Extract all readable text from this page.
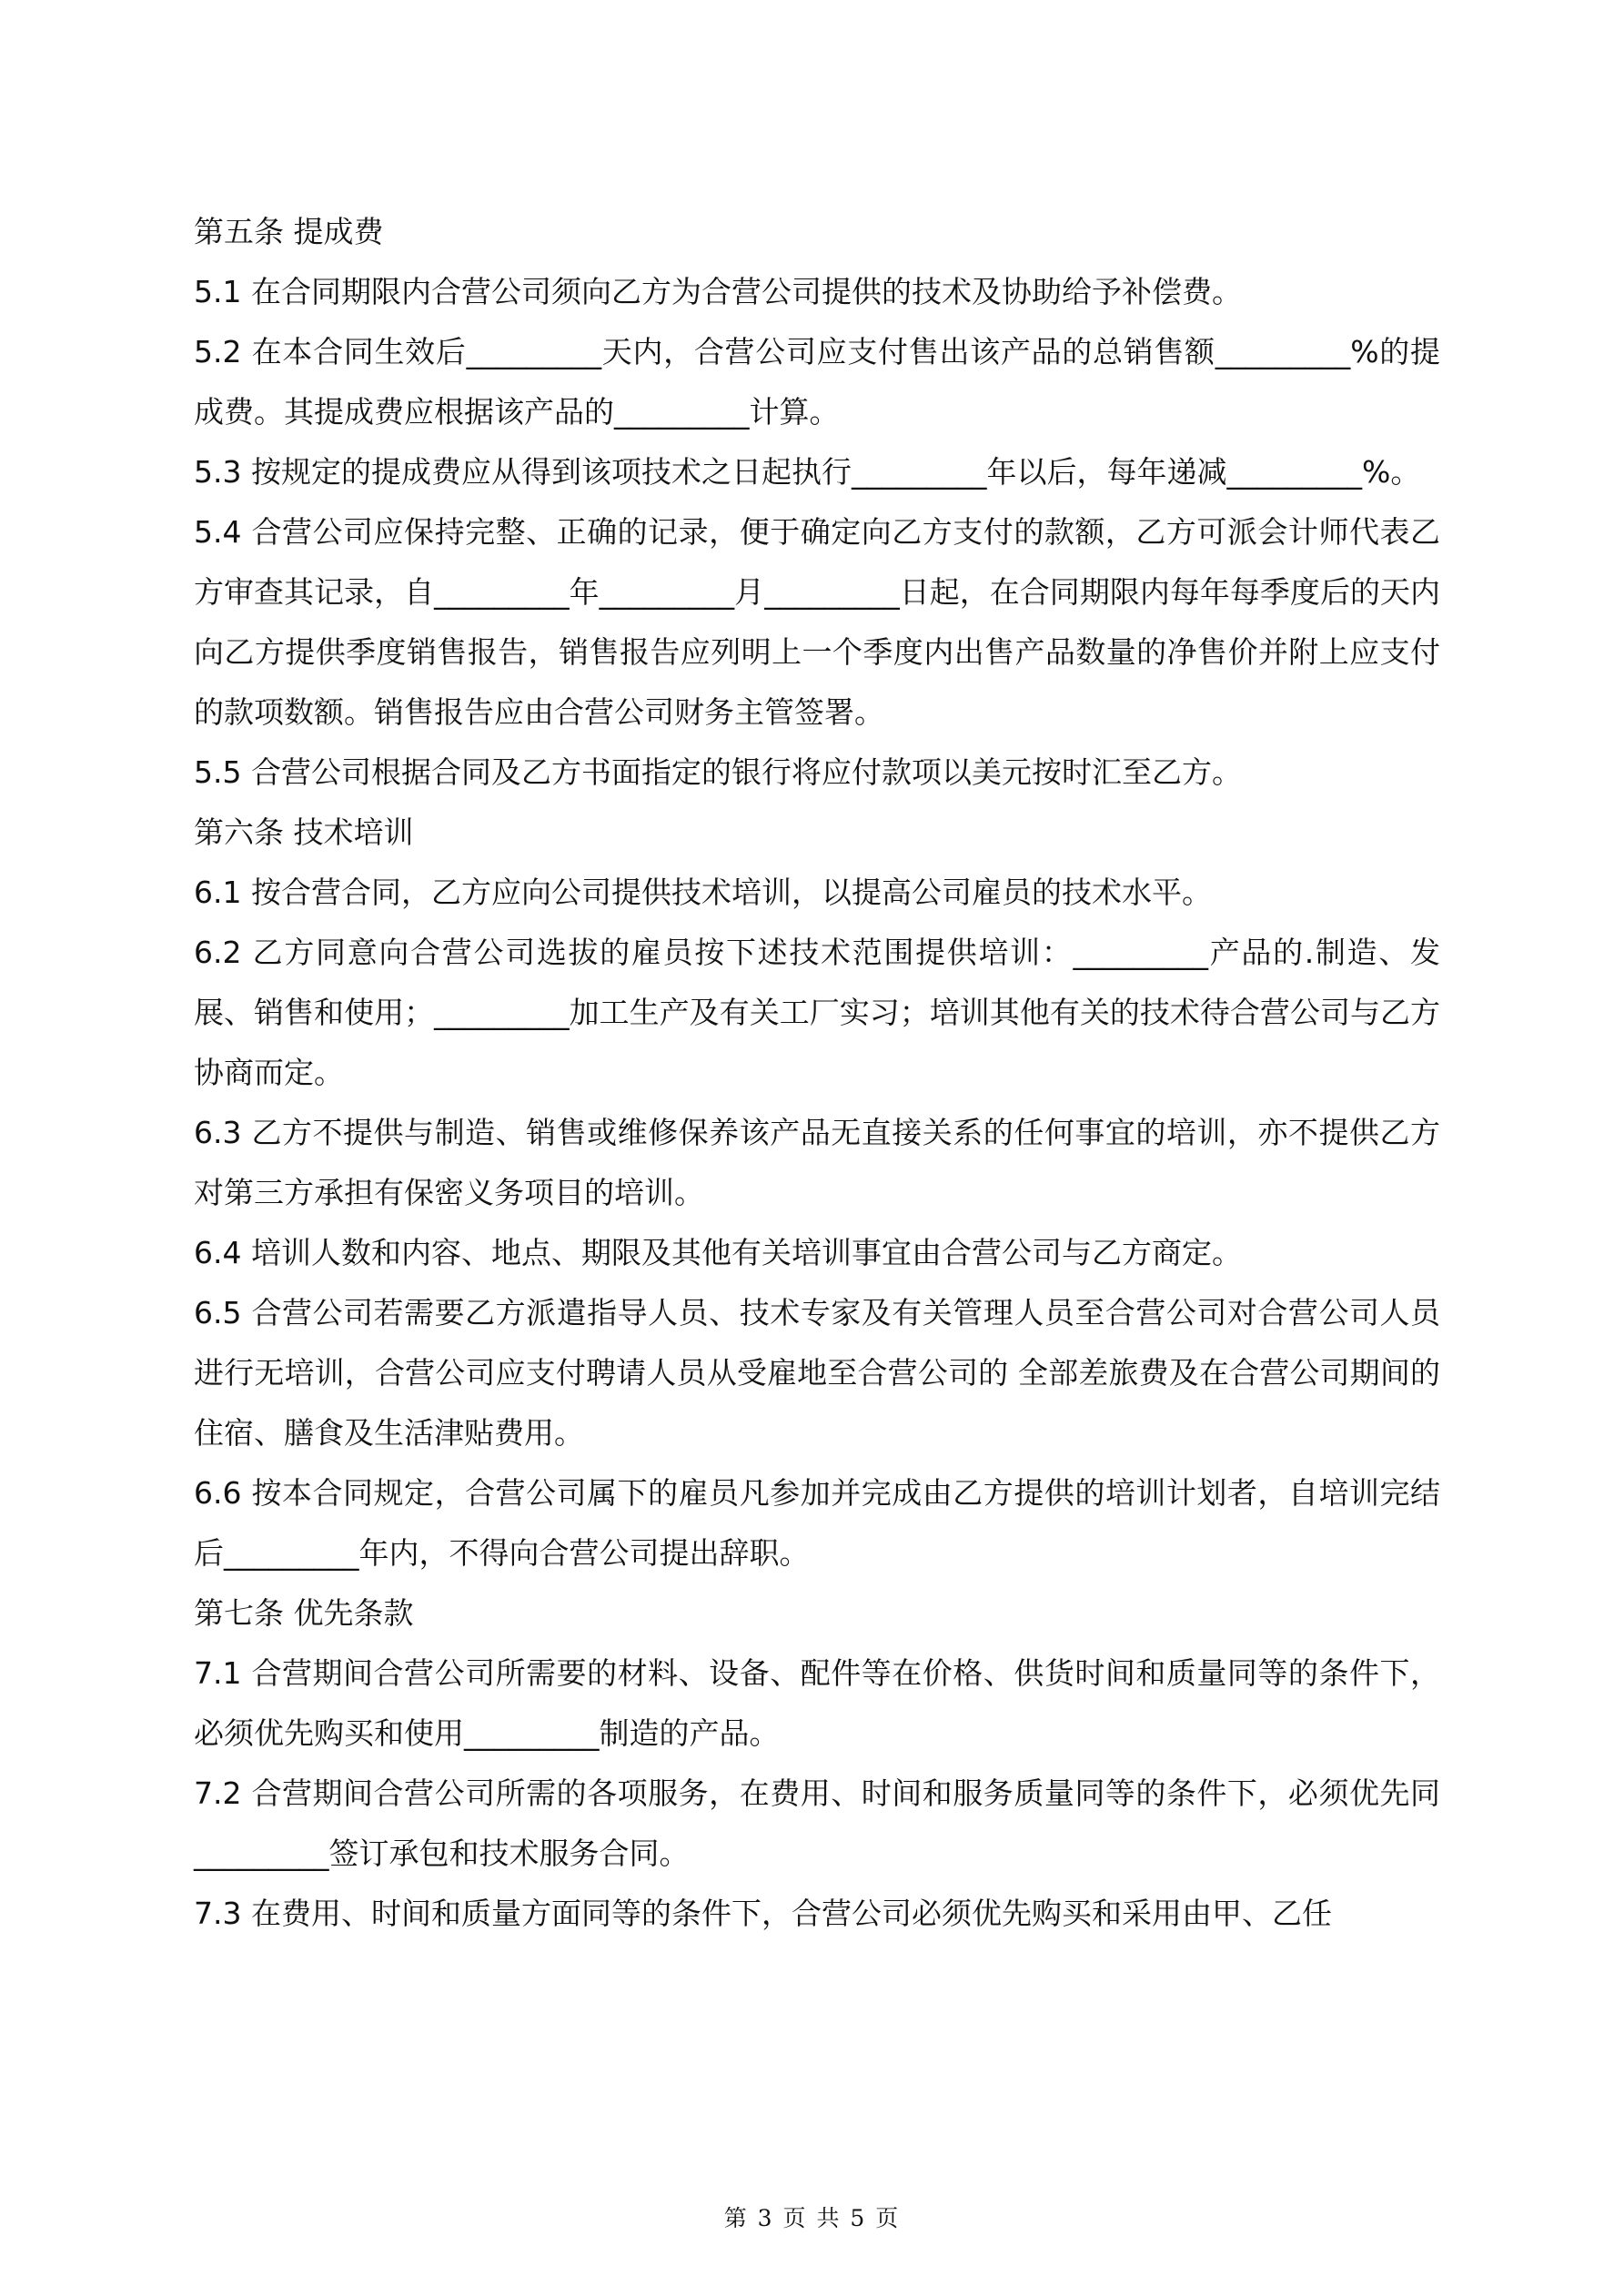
第五条 提成费

5.1 在合同期限内合营公司须向乙方为合营公司提供的技术及协助给予补偿费。

5.2 在本合同生效后_________天内，合营公司应支付售出该产品的总销售额_________%的提成费。其提成费应根据该产品的_________计算。

5.3 按规定的提成费应从得到该项技术之日起执行_________年以后，每年递减_________%。

5.4 合营公司应保持完整、正确的记录，便于确定向乙方支付的款额，乙方可派会计师代表乙方审查其记录，自_________年_________月_________日起，在合同期限内每年每季度后的天内向乙方提供季度销售报告，销售报告应列明上一个季度内出售产品数量的净售价并附上应支付的款项数额。销售报告应由合营公司财务主管签署。

5.5 合营公司根据合同及乙方书面指定的银行将应付款项以美元按时汇至乙方。

第六条 技术培训

6.1 按合营合同，乙方应向公司提供技术培训，以提高公司雇员的技术水平。

6.2 乙方同意向合营公司选拔的雇员按下述技术范围提供培训：_________产品的.制造、发展、销售和使用；_________加工生产及有关工厂实习；培训其他有关的技术待合营公司与乙方协商而定。

6.3 乙方不提供与制造、销售或维修保养该产品无直接关系的任何事宜的培训，亦不提供乙方对第三方承担有保密义务项目的培训。

6.4 培训人数和内容、地点、期限及其他有关培训事宜由合营公司与乙方商定。

6.5 合营公司若需要乙方派遣指导人员、技术专家及有关管理人员至合营公司对合营公司人员进行无培训，合营公司应支付聘请人员从受雇地至合营公司的 全部差旅费及在合营公司期间的住宿、膳食及生活津贴费用。

6.6 按本合同规定，合营公司属下的雇员凡参加并完成由乙方提供的培训计划者，自培训完结后_________年内，不得向合营公司提出辞职。

第七条 优先条款

7.1 合营期间合营公司所需要的材料、设备、配件等在价格、供货时间和质量同等的条件下，必须优先购买和使用_________制造的产品。

7.2 合营期间合营公司所需的各项服务，在费用、时间和服务质量同等的条件下，必须优先同_________签订承包和技术服务合同。

7.3 在费用、时间和质量方面同等的条件下，合营公司必须优先购买和采用由甲、乙任

第 3 页 共 5 页
